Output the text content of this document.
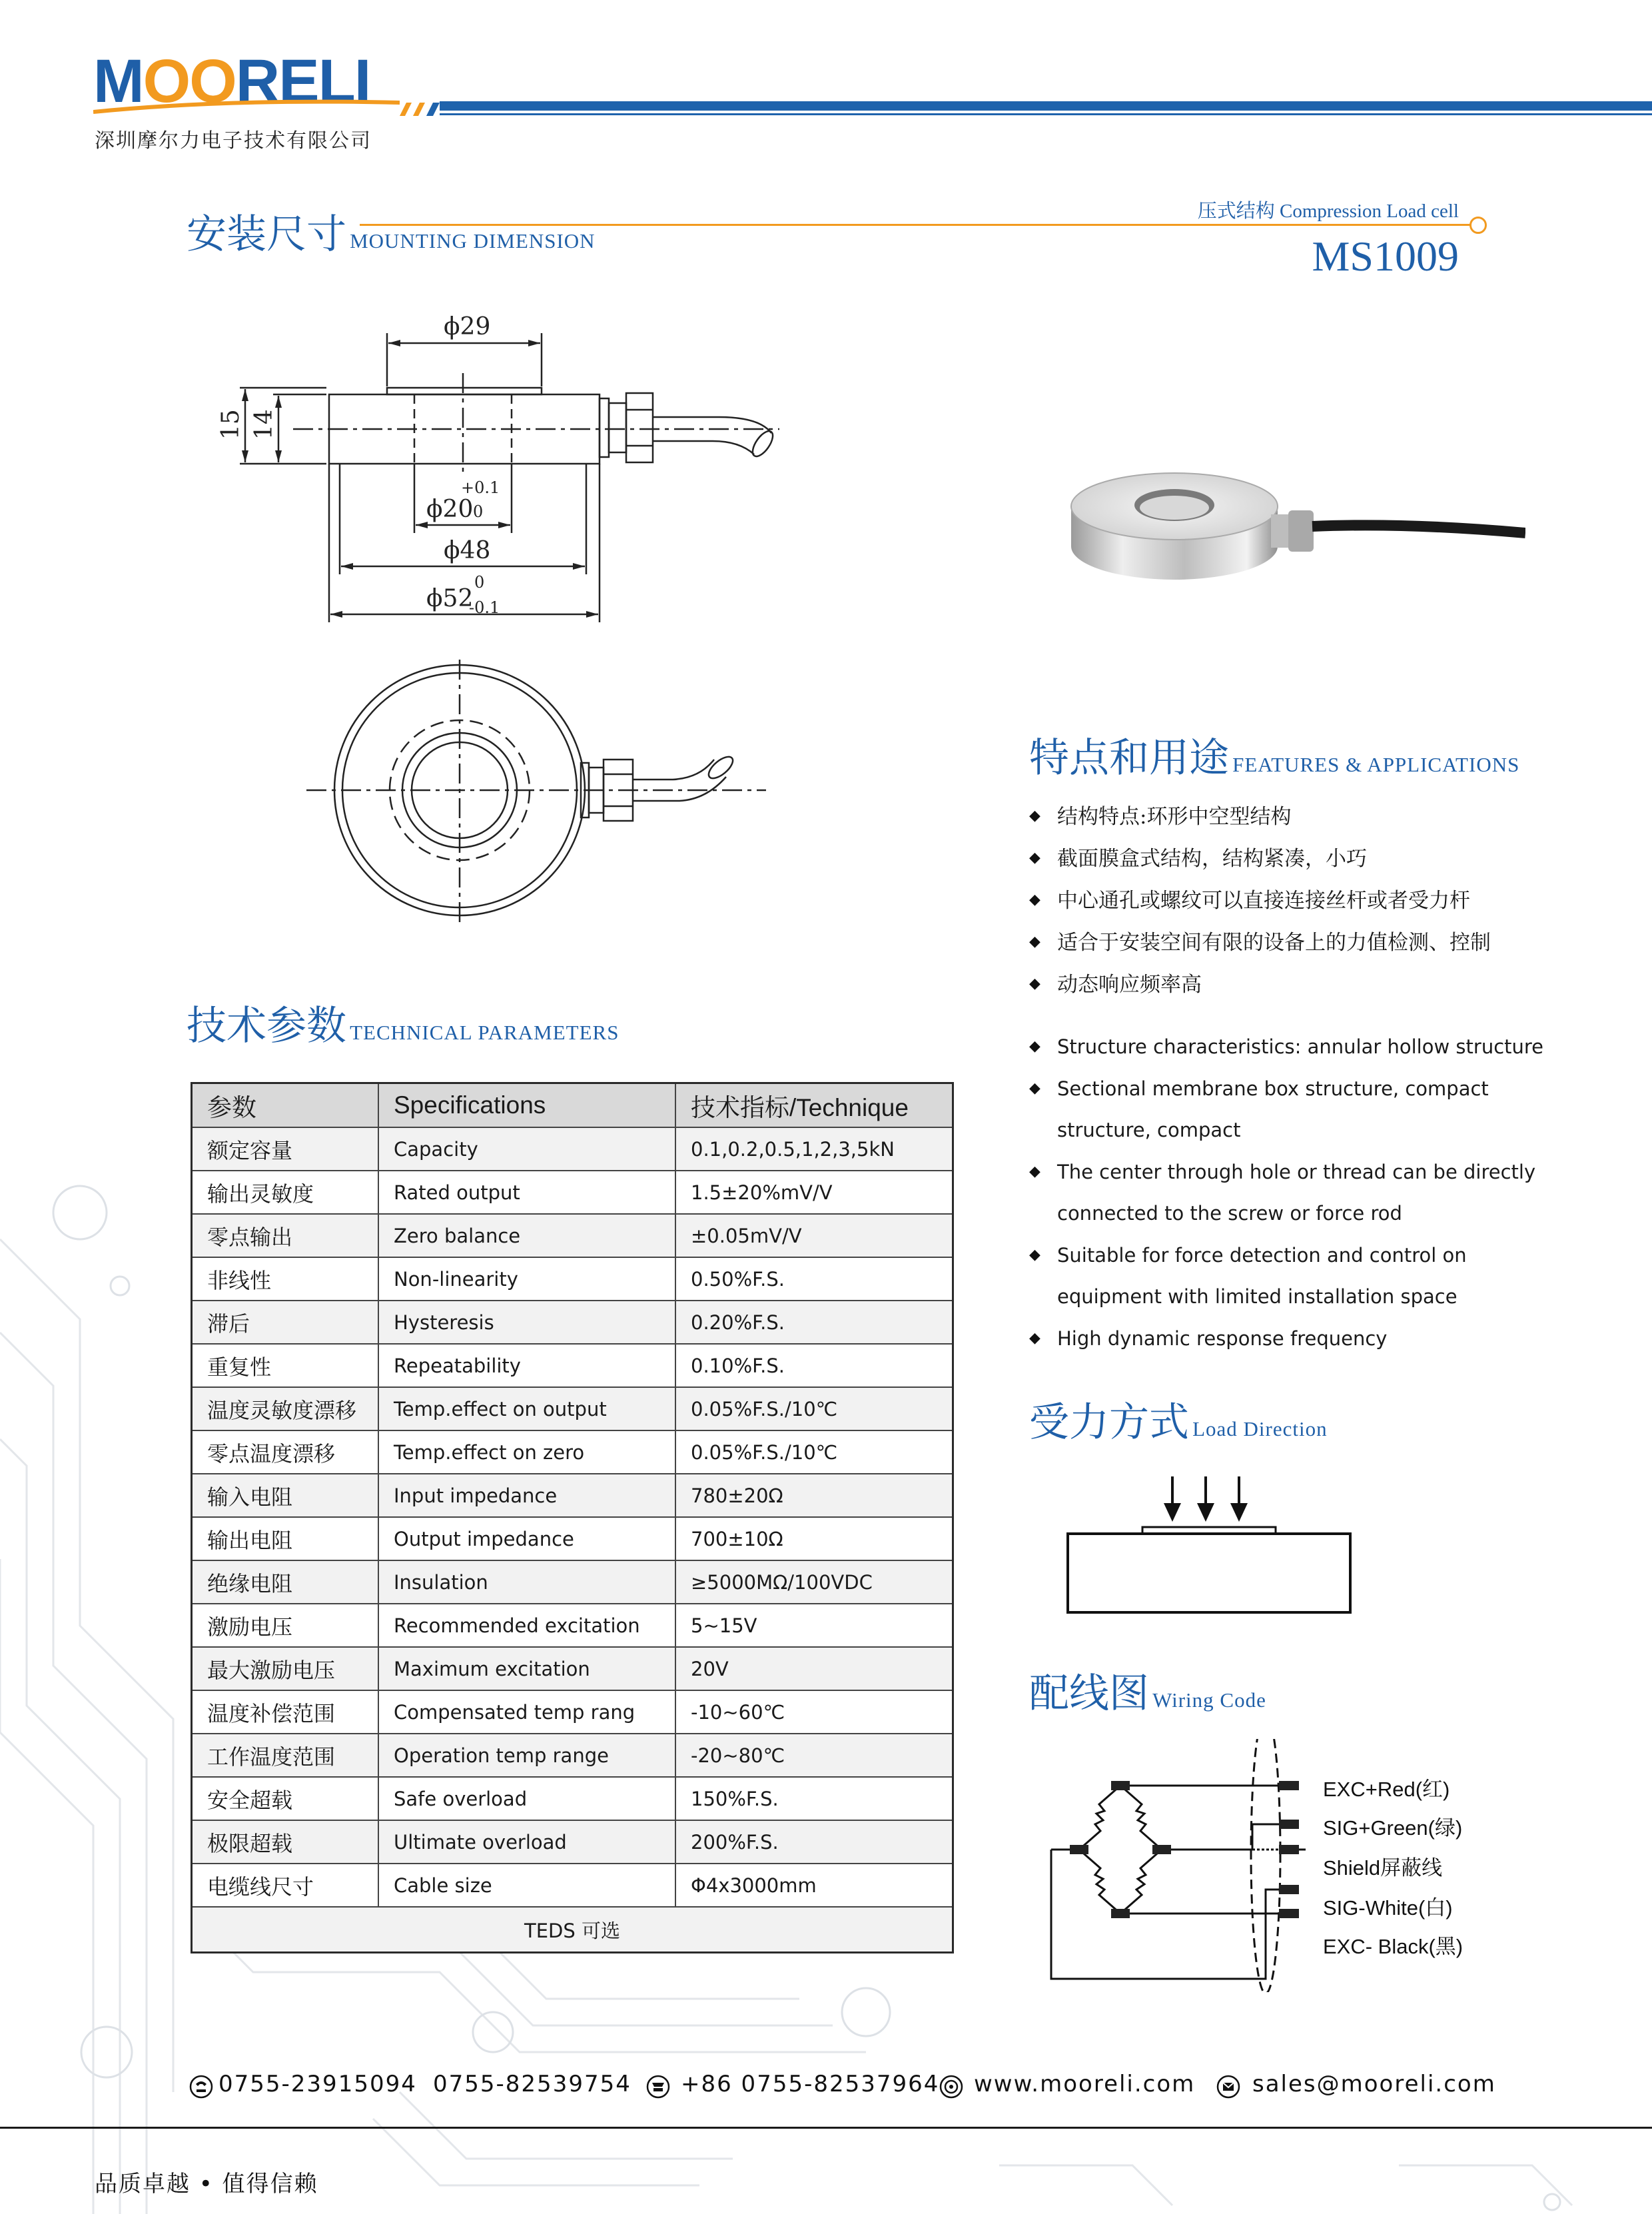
MOORELI
深圳摩尔力电子技术有限公司
压式结构 Compression Load cell
MS1009
安装尺寸 MOUNTING DIMENSION
ϕ29
ϕ20
+0.1
0
ϕ48
ϕ52
0
-0.1
15 14
技术参数 TECHNICAL PARAMETERS
参数	Specifications	技术指标/Technique
额定容量	Capacity	0.1,0.2,0.5,1,2,3,5kN
输出灵敏度	Rated output	1.5±20%mV/V
零点输出	Zero balance	±0.05mV/V
非线性	Non-linearity	0.50%F.S.
滞后	Hysteresis	0.20%F.S.
重复性	Repeatability	0.10%F.S.
温度灵敏度漂移	Temp.effect on output	0.05%F.S./10℃
零点温度漂移	Temp.effect on zero	0.05%F.S./10℃
输入电阻	Input impedance	780±20Ω
输出电阻	Output impedance	700±10Ω
绝缘电阻	Insulation	≥5000MΩ/100VDC
激励电压	Recommended excitation	5~15V
最大激励电压	Maximum excitation	20V
温度补偿范围	Compensated temp rang	-10~60℃
工作温度范围	Operation temp range	-20~80℃
安全超载	Safe overload	150%F.S.
极限超载	Ultimate overload	200%F.S.
电缆线尺寸	Cable size	Φ4x3000mm
TEDS 可选		
特点和用途 FEATURES & APPLICATIONS
◆ 结构特点:环形中空型结构
◆ 截面膜盒式结构，结构紧凑，小巧
◆ 中心通孔或螺纹可以直接连接丝杆或者受力杆
◆ 适合于安装空间有限的设备上的力值检测、控制
◆ 动态响应频率高
◆ Structure characteristics: annular hollow structure
◆ Sectional membrane box structure, compact
structure, compact
◆ The center through hole or thread can be directly
connected to the screw or force rod
◆ Suitable for force detection and control on
equipment with limited installation space
◆ High dynamic response frequency
受力方式 Load Direction
配线图 Wiring Code
EXC+Red(红)
SIG+Green(绿)
Shield屏蔽线
SIG-White(白)
EXC- Black(黑)
0755-23915094 0755-82539754 +86 0755-82537964 www.mooreli.com	sales@mooreli.com
品质卓越 • 值得信赖
